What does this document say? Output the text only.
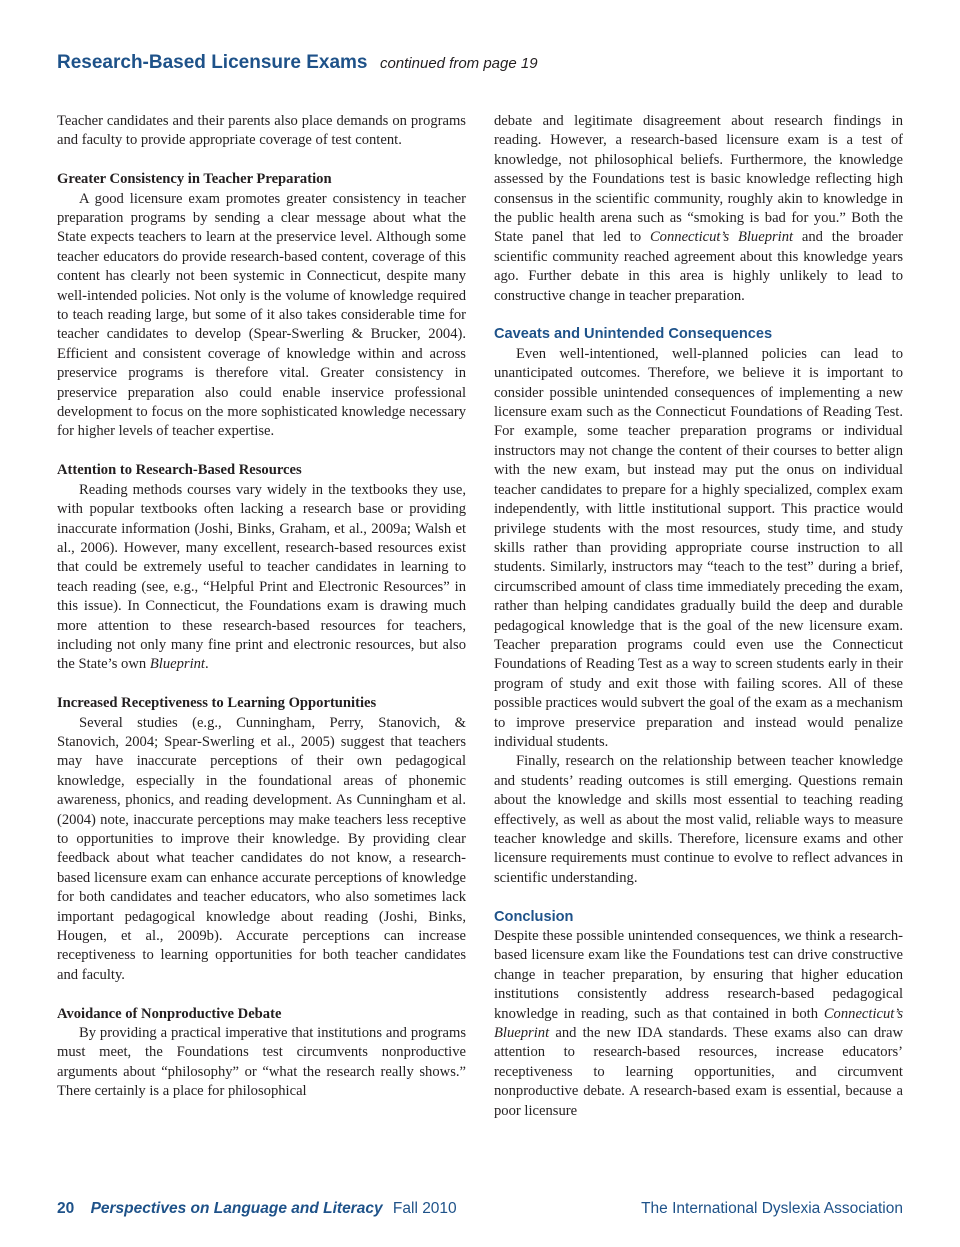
Research-Based Licensure Exams continued from page 19

Teacher candidates and their parents also place demands on programs and faculty to provide appropriate coverage of test content.

Greater Consistency in Teacher Preparation

A good licensure exam promotes greater consistency in teacher preparation programs by sending a clear message about what the State expects teachers to learn at the preservice level. Although some teacher educators do provide research-based content, coverage of this content has clearly not been systemic in Connecticut, despite many well-intended policies. Not only is the volume of knowledge required to teach reading large, but some of it also takes considerable time for teacher candidates to develop (Spear-Swerling & Brucker, 2004). Efficient and consistent coverage of knowledge within and across preservice programs is therefore vital. Greater consistency in preservice preparation also could enable inservice professional development to focus on the more sophisticated knowledge necessary for higher levels of teacher expertise.

Attention to Research-Based Resources

Reading methods courses vary widely in the textbooks they use, with popular textbooks often lacking a research base or providing inaccurate information (Joshi, Binks, Graham, et al., 2009a; Walsh et al., 2006). However, many excellent, research-based resources exist that could be extremely useful to teacher candidates in learning to teach reading (see, e.g., “Helpful Print and Electronic Resources” in this issue). In Connecticut, the Foundations exam is drawing much more attention to these research-based resources for teachers, including not only many fine print and electronic resources, but also the State’s own Blueprint.

Increased Receptiveness to Learning Opportunities

Several studies (e.g., Cunningham, Perry, Stanovich, & Stanovich, 2004; Spear-Swerling et al., 2005) suggest that teachers may have inaccurate perceptions of their own pedagogical knowledge, especially in the foundational areas of phonemic awareness, phonics, and reading development. As Cunningham et al. (2004) note, inaccurate perceptions may make teachers less receptive to opportunities to improve their knowledge. By providing clear feedback about what teacher candidates do not know, a research-based licensure exam can enhance accurate perceptions of knowledge for both candidates and teacher educators, who also sometimes lack important pedagogical knowledge about reading (Joshi, Binks, Hougen, et al., 2009b). Accurate perceptions can increase receptiveness to learning opportunities for both teacher candidates and faculty.

Avoidance of Nonproductive Debate

By providing a practical imperative that institutions and programs must meet, the Foundations test circumvents nonproductive arguments about “philosophy” or “what the research really shows.” There certainly is a place for philosophical

debate and legitimate disagreement about research findings in reading. However, a research-based licensure exam is a test of knowledge, not philosophical beliefs. Furthermore, the knowledge assessed by the Foundations test is basic knowledge reflecting high consensus in the scientific community, roughly akin to knowledge in the public health arena such as “smoking is bad for you.” Both the State panel that led to Connecticut’s Blueprint and the broader scientific community reached agreement about this knowledge years ago. Further debate in this area is highly unlikely to lead to constructive change in teacher preparation.

Caveats and Unintended Consequences

Even well-intentioned, well-planned policies can lead to unanticipated outcomes. Therefore, we believe it is important to consider possible unintended consequences of implementing a new licensure exam such as the Connecticut Foundations of Reading Test. For example, some teacher preparation programs or individual instructors may not change the content of their courses to better align with the new exam, but instead may put the onus on individual teacher candidates to prepare for a highly specialized, complex exam independently, with little institutional support. This practice would privilege students with the most resources, study time, and study skills rather than providing appropriate course instruction to all students. Similarly, instructors may “teach to the test” during a brief, circumscribed amount of class time immediately preceding the exam, rather than helping candidates gradually build the deep and durable pedagogical knowledge that is the goal of the new licensure exam. Teacher preparation programs could even use the Connecticut Foundations of Reading Test as a way to screen students early in their program of study and exit those with failing scores. All of these possible practices would subvert the goal of the exam as a mechanism to improve preservice preparation and instead would penalize individual students.

Finally, research on the relationship between teacher knowledge and students’ reading outcomes is still emerging. Questions remain about the knowledge and skills most essential to teaching reading effectively, as well as about the most valid, reliable ways to measure teacher knowledge and skills. Therefore, licensure exams and other licensure requirements must continue to evolve to reflect advances in scientific understanding.

Conclusion

Despite these possible unintended consequences, we think a research-based licensure exam like the Foundations test can drive constructive change in teacher preparation, by ensuring that higher education institutions consistently address research-based pedagogical knowledge in reading, such as that contained in both Connecticut’s Blueprint and the new IDA standards. These exams also can draw attention to research-based resources, increase educators’ receptiveness to learning opportunities, and circumvent nonproductive debate. A research-based exam is essential, because a poor licensure

20 Perspectives on Language and Literacy Fall 2010	The International Dyslexia Association
